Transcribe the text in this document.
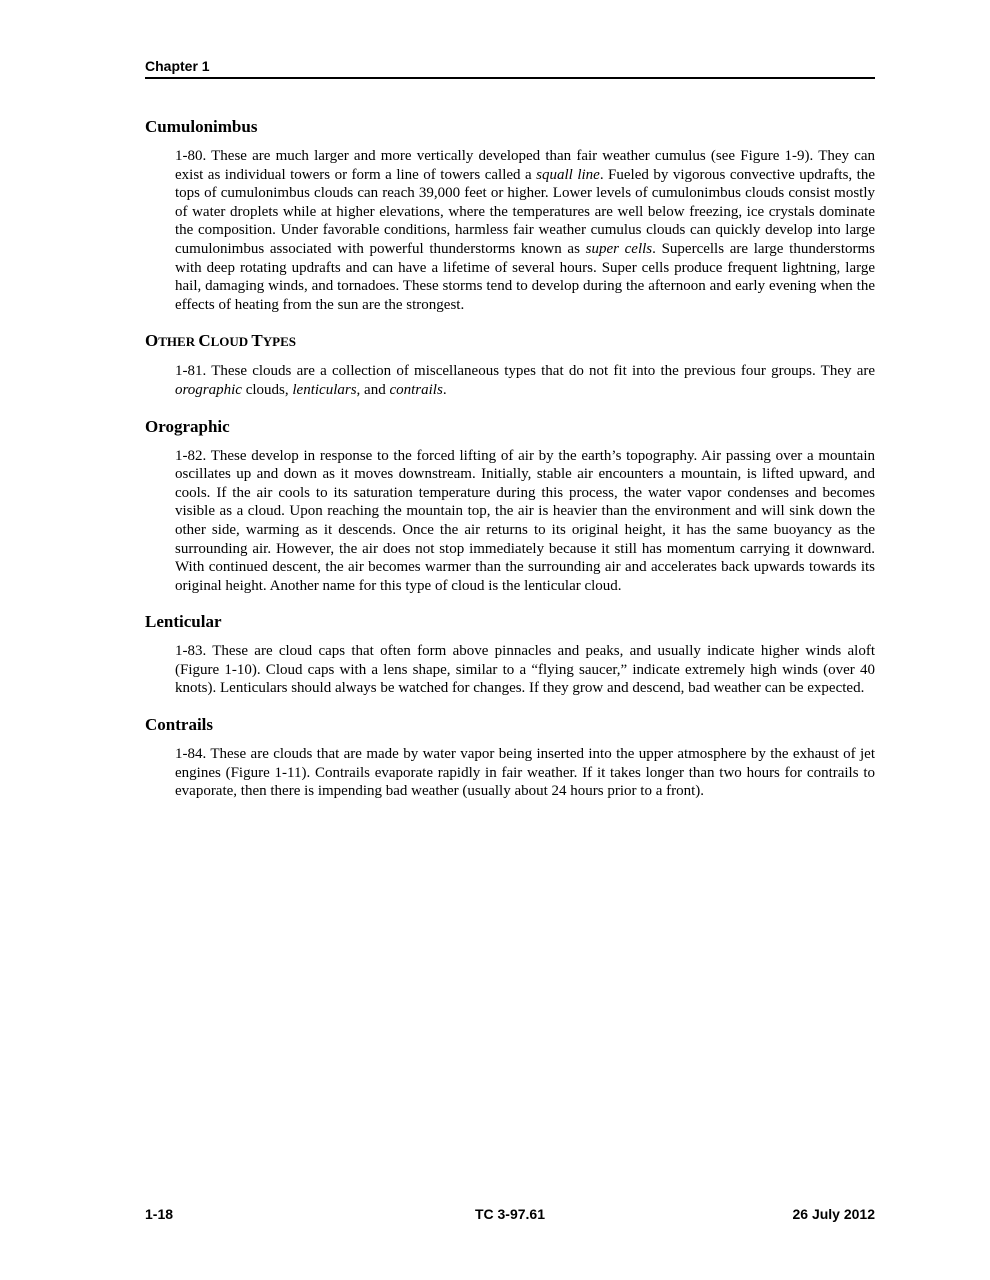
Chapter 1
Cumulonimbus

1-80. These are much larger and more vertically developed than fair weather cumulus (see Figure 1-9). They can exist as individual towers or form a line of towers called a squall line. Fueled by vigorous convective updrafts, the tops of cumulonimbus clouds can reach 39,000 feet or higher. Lower levels of cumulonimbus clouds consist mostly of water droplets while at higher elevations, where the temperatures are well below freezing, ice crystals dominate the composition. Under favorable conditions, harmless fair weather cumulus clouds can quickly develop into large cumulonimbus associated with powerful thunderstorms known as super cells. Supercells are large thunderstorms with deep rotating updrafts and can have a lifetime of several hours. Super cells produce frequent lightning, large hail, damaging winds, and tornadoes. These storms tend to develop during the afternoon and early evening when the effects of heating from the sun are the strongest.

OTHER CLOUD TYPES

1-81. These clouds are a collection of miscellaneous types that do not fit into the previous four groups. They are orographic clouds, lenticulars, and contrails.

Orographic

1-82. These develop in response to the forced lifting of air by the earth’s topography. Air passing over a mountain oscillates up and down as it moves downstream. Initially, stable air encounters a mountain, is lifted upward, and cools. If the air cools to its saturation temperature during this process, the water vapor condenses and becomes visible as a cloud. Upon reaching the mountain top, the air is heavier than the environment and will sink down the other side, warming as it descends. Once the air returns to its original height, it has the same buoyancy as the surrounding air. However, the air does not stop immediately because it still has momentum carrying it downward. With continued descent, the air becomes warmer than the surrounding air and accelerates back upwards towards its original height. Another name for this type of cloud is the lenticular cloud.

Lenticular

1-83. These are cloud caps that often form above pinnacles and peaks, and usually indicate higher winds aloft (Figure 1-10). Cloud caps with a lens shape, similar to a “flying saucer,” indicate extremely high winds (over 40 knots). Lenticulars should always be watched for changes. If they grow and descend, bad weather can be expected.

Contrails

1-84. These are clouds that are made by water vapor being inserted into the upper atmosphere by the exhaust of jet engines (Figure 1-11). Contrails evaporate rapidly in fair weather. If it takes longer than two hours for contrails to evaporate, then there is impending bad weather (usually about 24 hours prior to a front).

1-18	TC 3-97.61	26 July 2012
